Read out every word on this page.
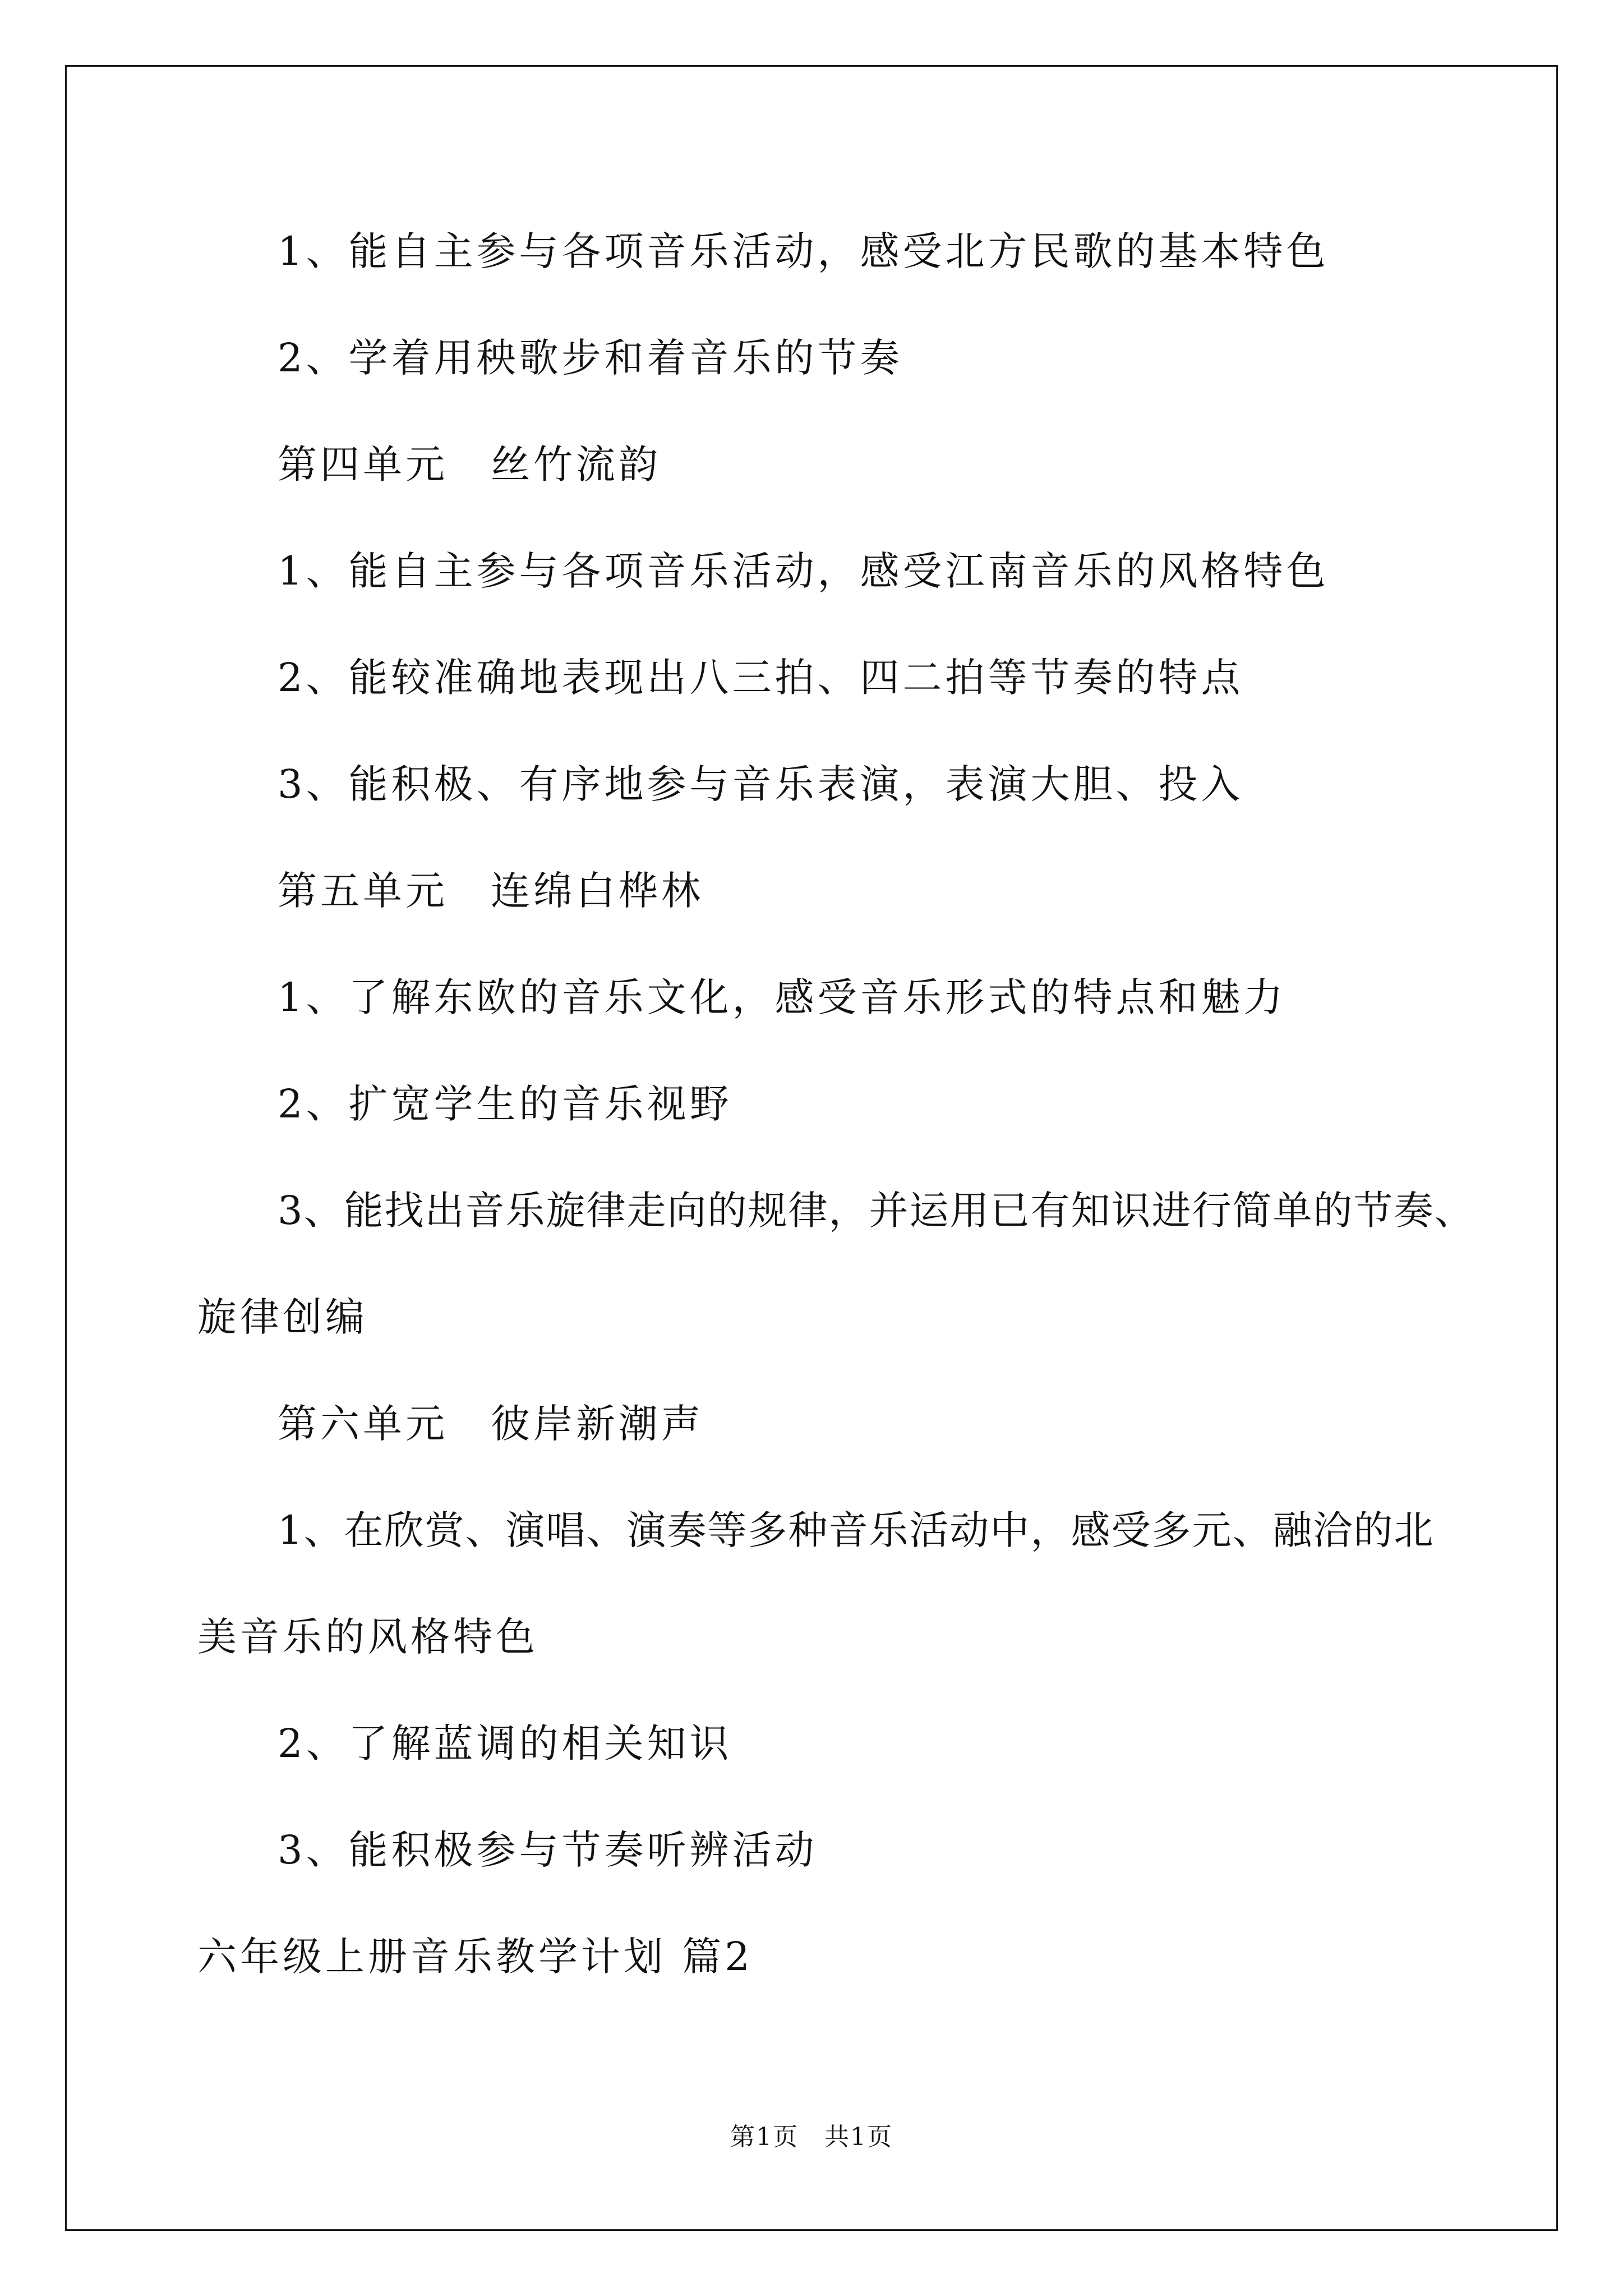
1、能自主参与各项音乐活动，感受北方民歌的基本特色
2、学着用秧歌步和着音乐的节奏
第四单元　丝竹流韵
1、能自主参与各项音乐活动，感受江南音乐的风格特色
2、能较准确地表现出八三拍、四二拍等节奏的特点
3、能积极、有序地参与音乐表演，表演大胆、投入
第五单元　连绵白桦林
1、了解东欧的音乐文化，感受音乐形式的特点和魅力
2、扩宽学生的音乐视野
3、能找出音乐旋律走向的规律，并运用已有知识进行简单的节奏、
旋律创编
第六单元　彼岸新潮声
1、在欣赏、演唱、演奏等多种音乐活动中，感受多元、融洽的北
美音乐的风格特色
2、了解蓝调的相关知识
3、能积极参与节奏听辨活动
六年级上册音乐教学计划 篇2
第1页　共1页
